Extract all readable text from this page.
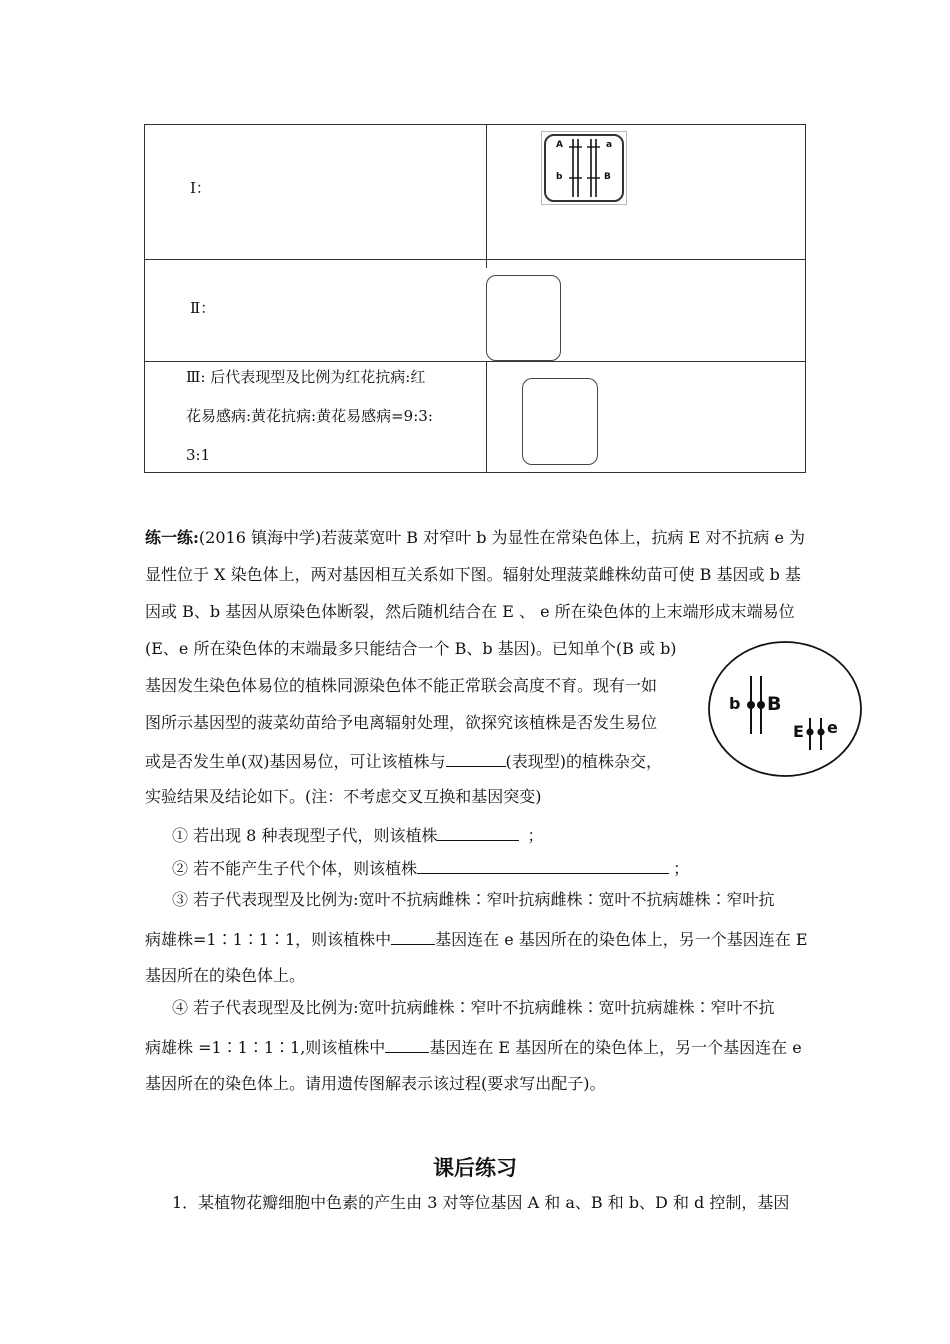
Ⅰ：
Ⅱ：
Ⅲ: 后代表现型及比例为红花抗病:红
花易感病:黄花抗病:黄花易感病=9:3:
3:1
A
b
a
B
练一练:(2016 镇海中学)若菠菜宽叶 B 对窄叶 b 为显性在常染色体上，抗病 E 对不抗病 e 为
显性位于 X 染色体上，两对基因相互关系如下图。辐射处理菠菜雌株幼苗可使 B 基因或 b 基
因或 B、b 基因从原染色体断裂，然后随机结合在 E 、 e 所在染色体的上末端形成末端易位
(E、e 所在染色体的末端最多只能结合一个 B、b 基因)。已知单个(B 或 b)
基因发生染色体易位的植株同源染色体不能正常联会高度不育。现有一如
图所示基因型的菠菜幼苗给予电离辐射处理，欲探究该植株是否发生易位
或是否发生单(双)基因易位，可让该植株与	(表现型)的植株杂交，
实验结果及结论如下。(注：不考虑交叉互换和基因突变)
b B
E e
① 若出现 8 种表现型子代，则该植株	；
② 若不能产生子代个体，则该植株	；
③ 若子代表现型及比例为:宽叶不抗病雌株∶窄叶抗病雌株∶宽叶不抗病雄株∶窄叶抗
病雄株=1∶1∶1∶1，则该植株中	基因连在 e 基因所在的染色体上，另一个基因连在 E
基因所在的染色体上。
④ 若子代表现型及比例为:宽叶抗病雌株∶窄叶不抗病雌株∶宽叶抗病雄株∶窄叶不抗
病雄株 =1∶1∶1∶1,则该植株中	基因连在 E 基因所在的染色体上，另一个基因连在 e
基因所在的染色体上。请用遗传图解表示该过程(要求写出配子)。
课后练习
1．某植物花瓣细胞中色素的产生由 3 对等位基因 A 和 a、B 和 b、D 和 d 控制，基因
